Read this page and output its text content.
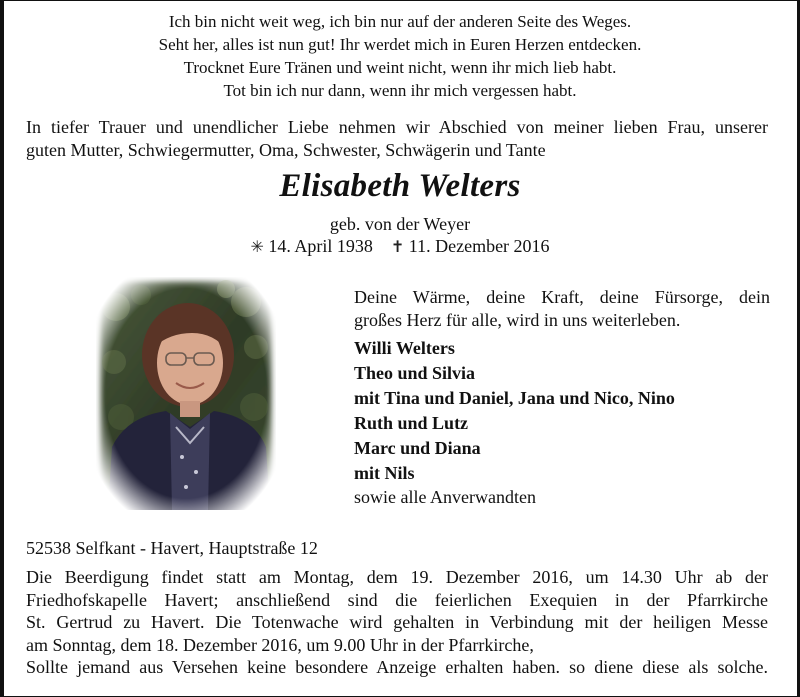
Ich bin nicht weit weg, ich bin nur auf der anderen Seite des Weges.
Seht her, alles ist nun gut! Ihr werdet mich in Euren Herzen entdecken.
Trocknet Eure Tränen und weint nicht, wenn ihr mich lieb habt.
Tot bin ich nur dann, wenn ihr mich vergessen habt.
In tiefer Trauer und unendlicher Liebe nehmen wir Abschied von meiner lieben Frau, unserer
guten Mutter, Schwiegermutter, Oma, Schwester, Schwägerin und Tante
Elisabeth Welters
geb. von der Weyer
✳ 14. April 1938 ✝ 11. Dezember 2016
Deine Wärme, deine Kraft, deine Fürsorge, dein
großes Herz für alle, wird in uns weiterleben.
Willi Welters
Theo und Silvia
mit Tina und Daniel, Jana und Nico, Nino
Ruth und Lutz
Marc und Diana
mit Nils
sowie alle Anverwandten
52538 Selfkant - Havert, Hauptstraße 12
Die Beerdigung findet statt am Montag, dem 19. Dezember 2016, um 14.30 Uhr ab der
Friedhofskapelle Havert; anschließend sind die feierlichen Exequien in der Pfarrkirche
St. Gertrud zu Havert. Die Totenwache wird gehalten in Verbindung mit der heiligen Messe
am Sonntag, dem 18. Dezember 2016, um 9.00 Uhr in der Pfarrkirche,
Sollte jemand aus Versehen keine besondere Anzeige erhalten haben. so diene diese als solche.
